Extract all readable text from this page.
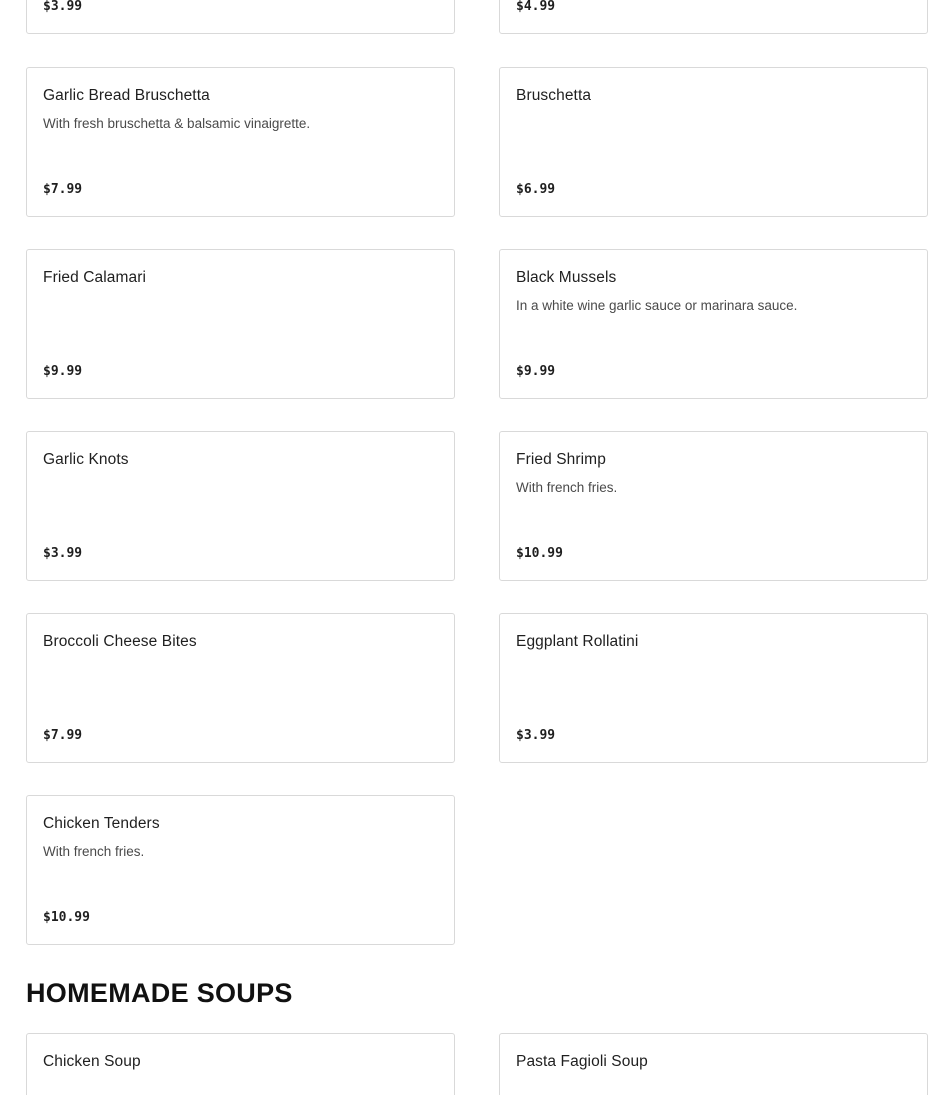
$3.99	$4.99
Garlic Bread Bruschetta
With fresh bruschetta & balsamic vinaigrette.
$7.99
Bruschetta
$6.99
Fried Calamari
$9.99
Black Mussels
In a white wine garlic sauce or marinara sauce.
$9.99
Garlic Knots
$3.99
Fried Shrimp
With french fries.
$10.99
Broccoli Cheese Bites
$7.99
Eggplant Rollatini
$3.99
Chicken Tenders
With french fries.
$10.99
HOMEMADE SOUPS
Chicken Soup	Pasta Fagioli Soup
